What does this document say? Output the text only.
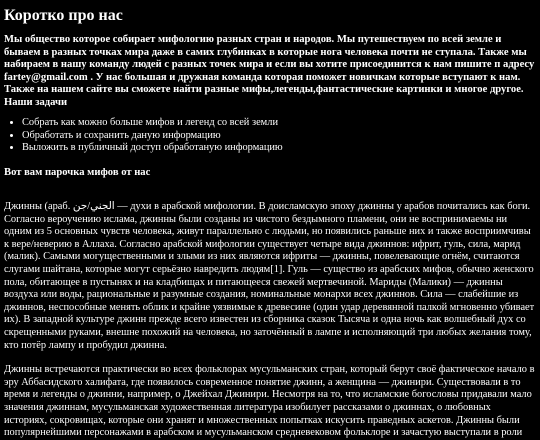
Коротко про нас

Мы общество которое собирает мифологию разных стран и народов. Мы путешествуем по всей земле и бываем в разных точках мира даже в самих глубинках в которые нога человека почти не ступала. Также мы набираем в нашу команду людей с разных точек мира и если вы хотите присоединится к нам пишите п адресу fartey@gmail.com . У нас большая и дружная команда которая поможет новичкам которые вступают к нам. Также на нашем сайте вы сможете найти разные мифы,легенды,фантастические картинки и многое другое.

Наши задачи
• Собрать как можно больше мифов и легенд со всей земли
• Обработать и сохранить даную информацию
• Выложить в публичный доступ обработаную информацию
Вот вам парочка мифов от нас

Джинны (араб. الجني/جن — духи в арабской мифологии. В доисламскую эпоху джинны у арабов почитались как боги. Согласно вероучению ислама, джинны были созданы из чистого бездымного пламени, они не воспринимаемы ни одним из 5 основных чувств человека, живут параллельно с людьми, но появились раньше них и также восприимчивы к вере/неверию в Аллаха. Согласно арабской мифологии существует четыре вида джиннов: ифрит, гуль, сила, марид (малик). Самыми могущественными и злыми из них являются ифриты — джинны, повелевающие огнём, считаются слугами шайтана, которые могут серьёзно навредить людям[1]. Гуль — существо из арабских мифов, обычно женского пола, обитающее в пустынях и на кладбищах и питающееся свежей мертвечиной. Мариды (Малики) — джинны воздуха или воды, рациональные и разумные создания, номинальные монархи всех джиннов. Сила — слабейшие из джиннов, неспособные менять облик и крайне уязвимые к древесине (один удар деревянной палкой мгновенно убивает их). В западной культуре джинн прежде всего известен из сборника сказок Тысяча и одна ночь как волшебный дух со скрещенными руками, внешне похожий на человека, но заточённый в лампе и исполняющий три любых желания тому, кто потёр лампу и пробудил джинна.

Джинны встречаются практически во всех фольклорах мусульманских стран, который берут своё фактическое начало в эру Аббасидского халифата, где появилось современное понятие джинн, а женщина — джинири. Существовали в то время и легенды о джинни, например, о Джейхал Джинири. Несмотря на то, что исламские богословы придавали мало значения джиннам, мусульманская художественная литература изобилует рассказами о джиннах, о любовных историях, сокровищах, которые они хранят и множественных попытках искусить праведных аскетов. Джинны были популярнейшими персонажами в арабском и мусульманском средневековом фольклоре и зачастую выступали в роли
